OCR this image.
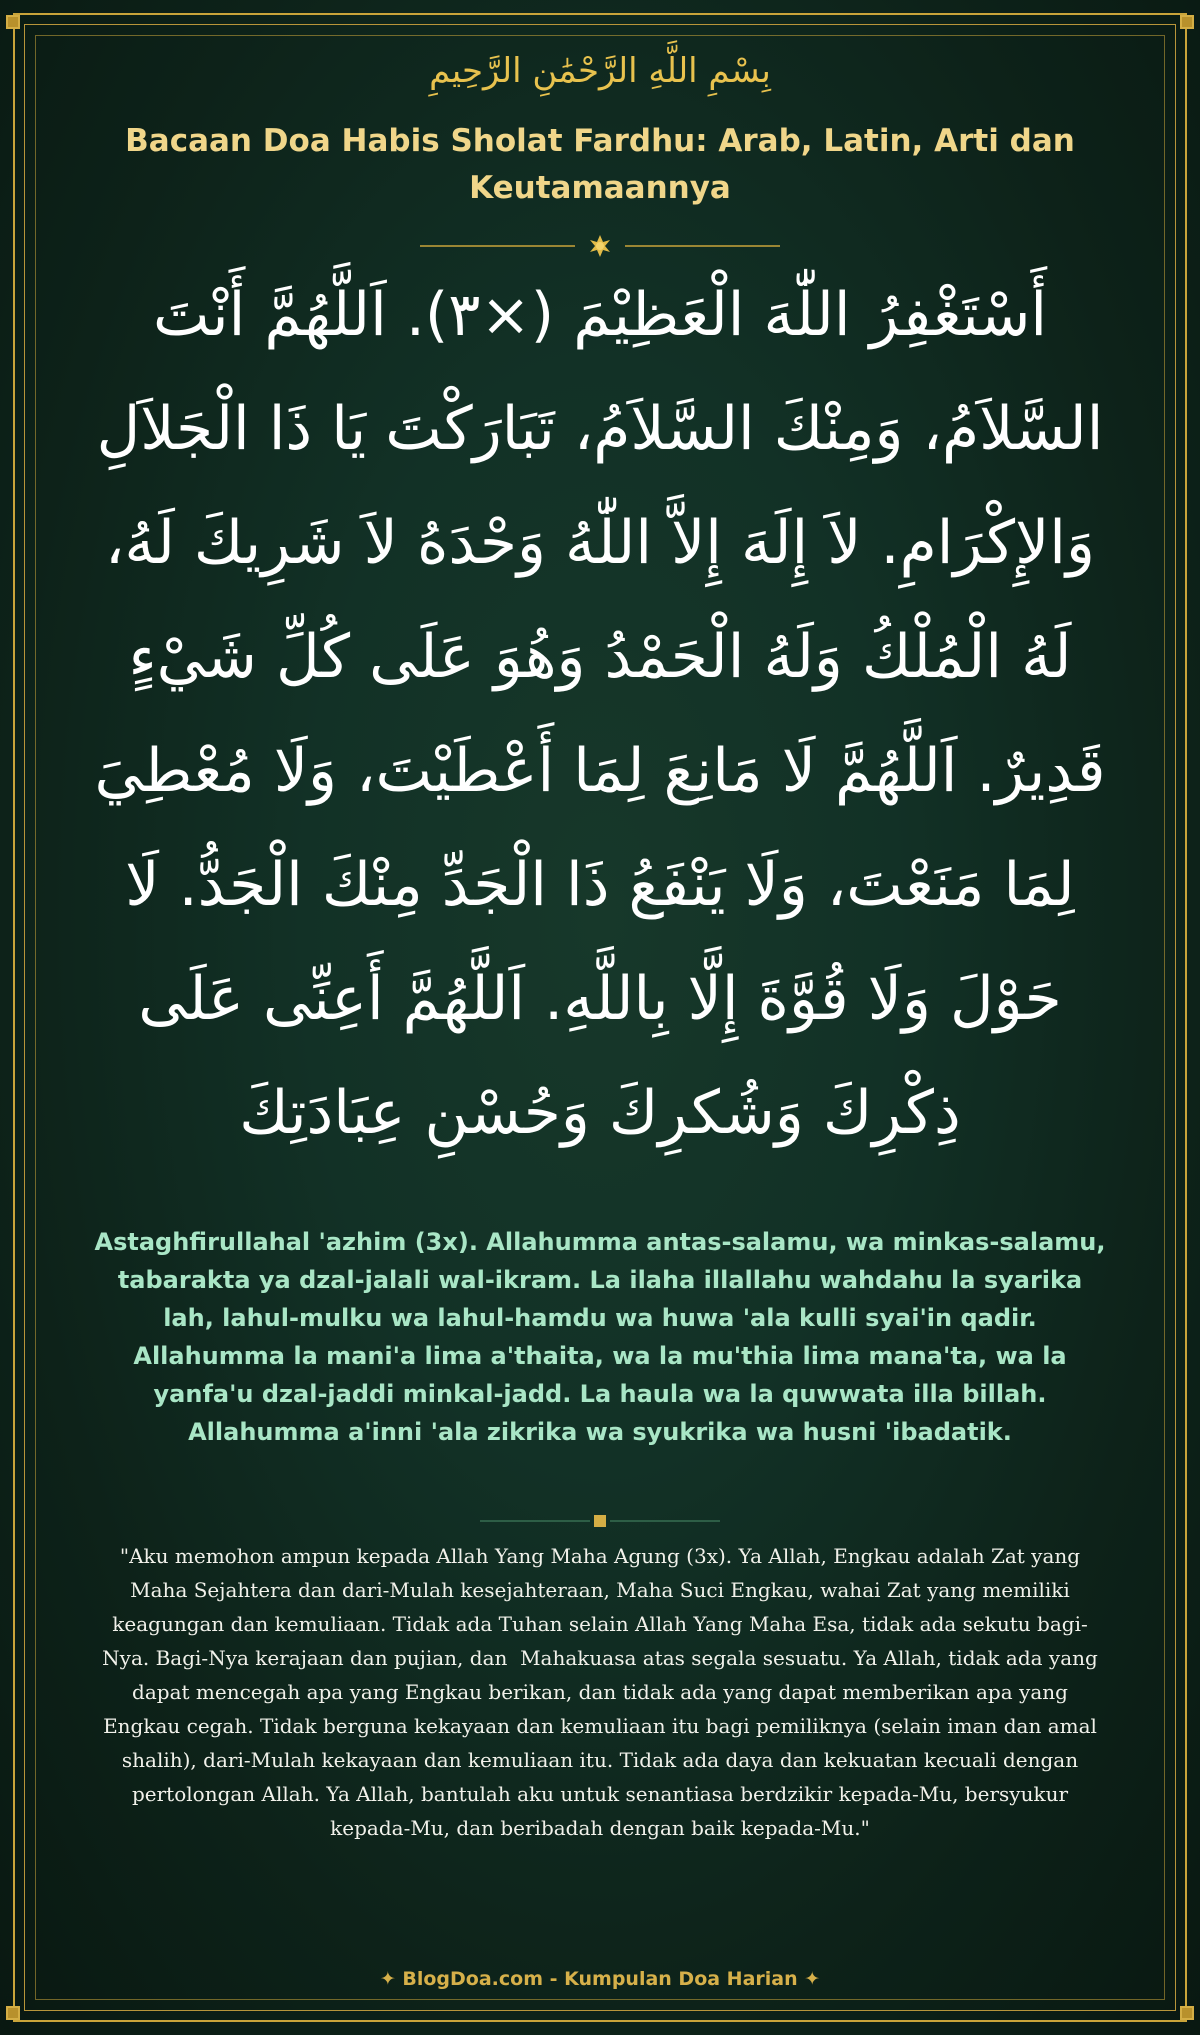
بِسْمِ اللَّهِ الرَّحْمَٰنِ الرَّحِيمِ
Bacaan Doa Habis Sholat Fardhu: Arab, Latin, Arti dan Keutamaannya
أَسْتَغْفِرُ اللّٰهَ الْعَظِيْمَ (×٣). اَللَّهُمَّ أَنْتَ السَّلاَمُ، وَمِنْكَ السَّلاَمُ، تَبَارَكْتَ يَا ذَا الْجَلاَلِ وَالإِكْرَامِ. لاَ إِلَهَ إِلاَّ اللّٰهُ وَحْدَهُ لاَ شَرِيكَ لَهُ، لَهُ الْمُلْكُ وَلَهُ الْحَمْدُ وَهُوَ عَلَى كُلِّ شَيْءٍ قَدِيرٌ. اَللَّهُمَّ لَا مَانِعَ لِمَا أَعْطَيْتَ، وَلَا مُعْطِيَ لِمَا مَنَعْتَ، وَلَا يَنْفَعُ ذَا الْجَدِّ مِنْكَ الْجَدُّ. لَا حَوْلَ وَلَا قُوَّةَ إِلَّا بِاللَّهِ. اَللَّهُمَّ أَعِنِّى عَلَى ذِكْرِكَ وَشُكرِكَ وَحُسْنِ عِبَادَتِكَ
Astaghfirullahal 'azhim (3x). Allahumma antas-salamu, wa minkas-salamu, tabarakta ya dzal-jalali wal-ikram. La ilaha illallahu wahdahu la syarika lah, lahul-mulku wa lahul-hamdu wa huwa 'ala kulli syai'in qadir. Allahumma la mani'a lima a'thaita, wa la mu'thia lima mana'ta, wa la yanfa'u dzal-jaddi minkal-jadd. La haula wa la quwwata illa billah. Allahumma a'inni 'ala zikrika wa syukrika wa husni 'ibadatik.
"Aku memohon ampun kepada Allah Yang Maha Agung (3x). Ya Allah, Engkau adalah Zat yang Maha Sejahtera dan dari-Mulah kesejahteraan, Maha Suci Engkau, wahai Zat yang memiliki keagungan dan kemuliaan. Tidak ada Tuhan selain Allah Yang Maha Esa, tidak ada sekutu bagi-Nya. Bagi-Nya kerajaan dan pujian, dan  Mahakuasa atas segala sesuatu. Ya Allah, tidak ada yang dapat mencegah apa yang Engkau berikan, dan tidak ada yang dapat memberikan apa yang Engkau cegah. Tidak berguna kekayaan dan kemuliaan itu bagi pemiliknya (selain iman dan amal shalih), dari-Mulah kekayaan dan kemuliaan itu. Tidak ada daya dan kekuatan kecuali dengan pertolongan Allah. Ya Allah, bantulah aku untuk senantiasa berdzikir kepada-Mu, bersyukur kepada-Mu, dan beribadah dengan baik kepada-Mu."
✦ BlogDoa.com - Kumpulan Doa Harian ✦
